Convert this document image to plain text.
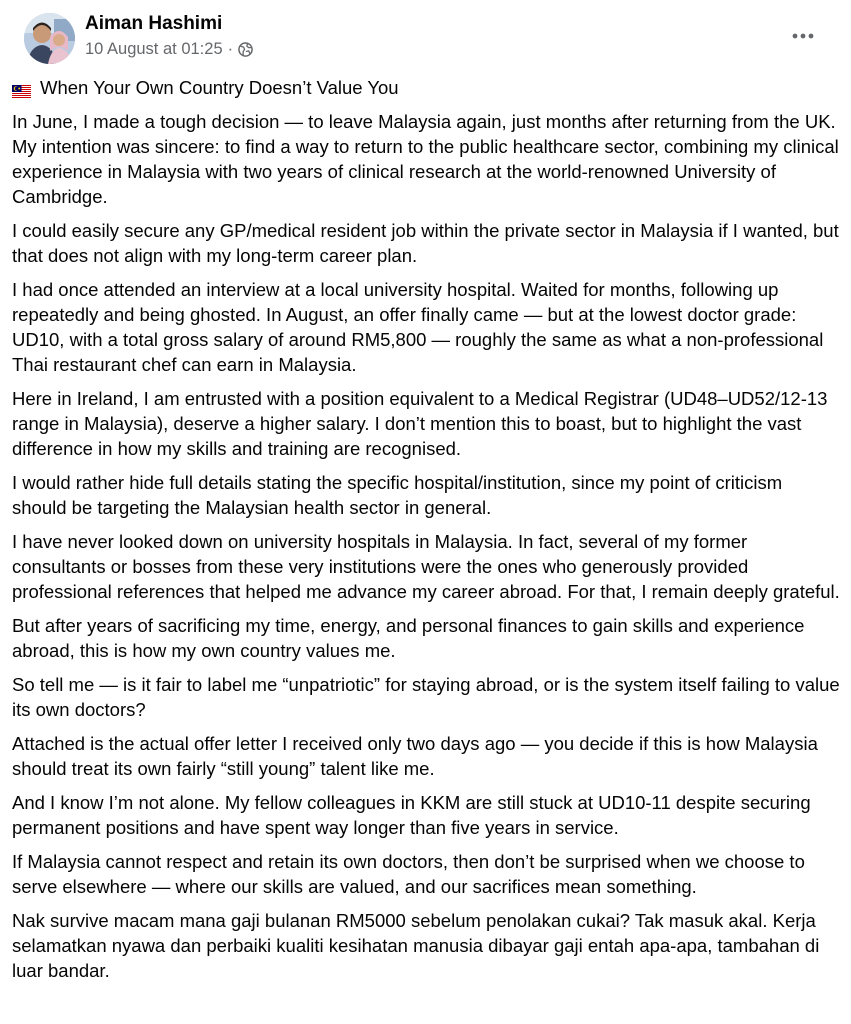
Aiman Hashimi
10 August at 01:25 ·
When Your Own Country Doesn’t Value You

In June, I made a tough decision — to leave Malaysia again, just months after returning from the UK. My intention was sincere: to find a way to return to the public healthcare sector, combining my clinical experience in Malaysia with two years of clinical research at the world-renowned University of Cambridge.

I could easily secure any GP/medical resident job within the private sector in Malaysia if I wanted, but that does not align with my long-term career plan.

I had once attended an interview at a local university hospital. Waited for months, following up repeatedly and being ghosted. In August, an offer finally came — but at the lowest doctor grade: UD10, with a total gross salary of around RM5,800 — roughly the same as what a non-professional Thai restaurant chef can earn in Malaysia.

Here in Ireland, I am entrusted with a position equivalent to a Medical Registrar (UD48–UD52/12-13 range in Malaysia), deserve a higher salary. I don’t mention this to boast, but to highlight the vast difference in how my skills and training are recognised.

I would rather hide full details stating the specific hospital/institution, since my point of criticism should be targeting the Malaysian health sector in general.

I have never looked down on university hospitals in Malaysia. In fact, several of my former consultants or bosses from these very institutions were the ones who generously provided professional references that helped me advance my career abroad. For that, I remain deeply grateful.

But after years of sacrificing my time, energy, and personal finances to gain skills and experience abroad, this is how my own country values me.

So tell me — is it fair to label me “unpatriotic” for staying abroad, or is the system itself failing to value its own doctors?

Attached is the actual offer letter I received only two days ago — you decide if this is how Malaysia should treat its own fairly “still young” talent like me.

And I know I’m not alone. My fellow colleagues in KKM are still stuck at UD10-11 despite securing permanent positions and have spent way longer than five years in service.

If Malaysia cannot respect and retain its own doctors, then don’t be surprised when we choose to serve elsewhere — where our skills are valued, and our sacrifices mean something.

Nak survive macam mana gaji bulanan RM5000 sebelum penolakan cukai? Tak masuk akal. Kerja selamatkan nyawa dan perbaiki kualiti kesihatan manusia dibayar gaji entah apa-apa, tambahan di luar bandar.
